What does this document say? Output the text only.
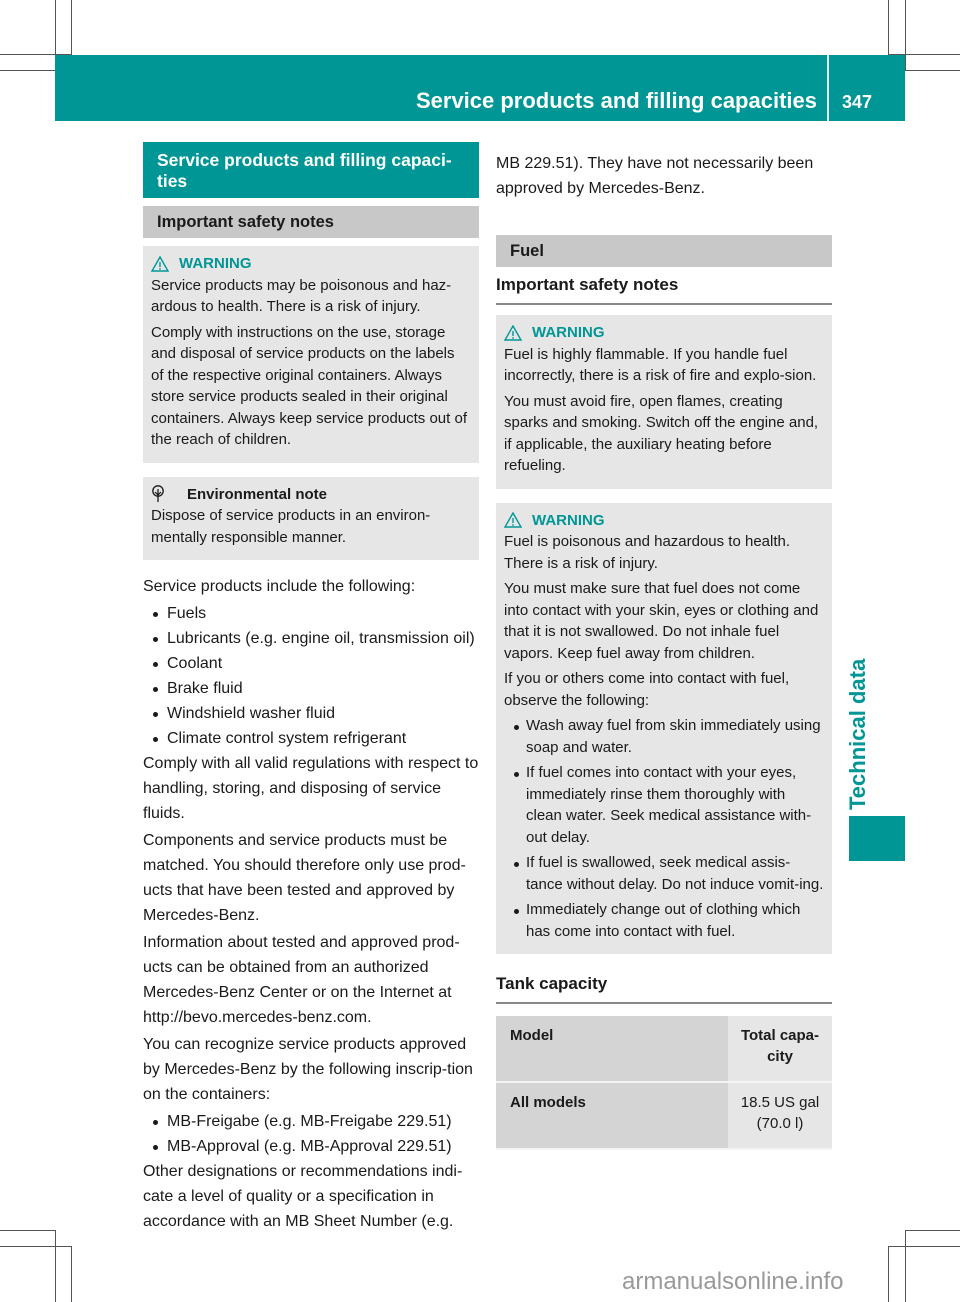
Service products and filling capacities	347
Service products and filling capaci-ties
Important safety notes
WARNING

Service products may be poisonous and haz-ardous to health. There is a risk of injury.

Comply with instructions on the use, storage and disposal of service products on the labels of the respective original containers. Always store service products sealed in their original containers. Always keep service products out of the reach of children.

Environmental note

Dispose of service products in an environ-mentally responsible manner.

Service products include the following:

Fuels
Lubricants (e.g. engine oil, transmission oil)
Coolant
Brake fluid
Windshield washer fluid
Climate control system refrigerant

Comply with all valid regulations with respect to handling, storing, and disposing of service fluids.

Components and service products must be matched. You should therefore only use prod-ucts that have been tested and approved by Mercedes-Benz.

Information about tested and approved prod-ucts can be obtained from an authorized Mercedes-Benz Center or on the Internet at http://bevo.mercedes-benz.com.

You can recognize service products approved by Mercedes-Benz by the following inscrip-tion on the containers:

MB-Freigabe (e.g. MB-Freigabe 229.51)
MB-Approval (e.g. MB-Approval 229.51)

Other designations or recommendations indi-cate a level of quality or a specification in accordance with an MB Sheet Number (e.g.

MB 229.51). They have not necessarily been approved by Mercedes-Benz.

Fuel
Important safety notes
WARNING

Fuel is highly flammable. If you handle fuel incorrectly, there is a risk of fire and explo-sion.

You must avoid fire, open flames, creating sparks and smoking. Switch off the engine and, if applicable, the auxiliary heating before refueling.

WARNING

Fuel is poisonous and hazardous to health. There is a risk of injury.

You must make sure that fuel does not come into contact with your skin, eyes or clothing and that it is not swallowed. Do not inhale fuel vapors. Keep fuel away from children.

If you or others come into contact with fuel, observe the following:

Wash away fuel from skin immediately using soap and water.
If fuel comes into contact with your eyes, immediately rinse them thoroughly with clean water. Seek medical assistance with-out delay.
If fuel is swallowed, seek medical assis-tance without delay. Do not induce vomit-ing.
Immediately change out of clothing which has come into contact with fuel.
Tank capacity
Model	Total capa-city
All models	18.5 US gal (70.0 l)
Technical data
armanualsonline.info
